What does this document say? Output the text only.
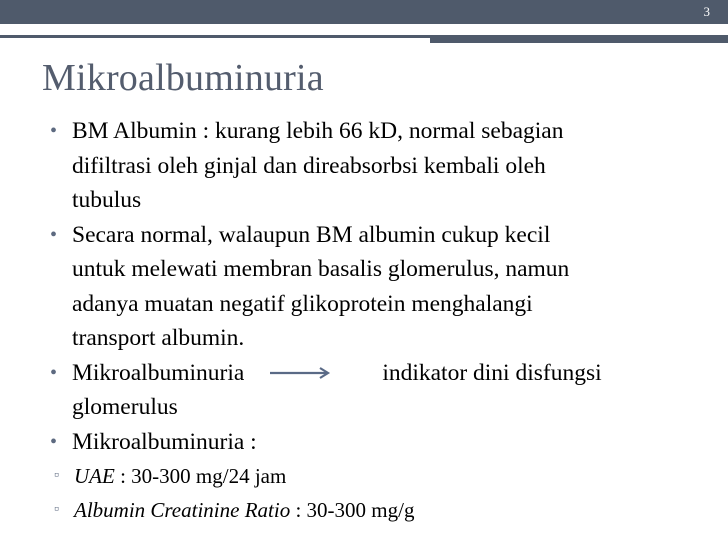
3
Mikroalbuminuria
• BM Albumin : kurang lebih 66 kD, normal sebagian
difiltrasi oleh ginjal dan direabsorbsi kembali oleh
tubulus
• Secara normal, walaupun BM albumin cukup kecil
untuk melewati membran basalis glomerulus, namun
adanya muatan negatif glikoprotein menghalangi
transport albumin.
• Mikroalbuminuria	indikator dini disfungsi
glomerulus
• Mikroalbuminuria :
▫ UAE : 30-300 mg/24 jam
▫ Albumin Creatinine Ratio : 30-300 mg/g
